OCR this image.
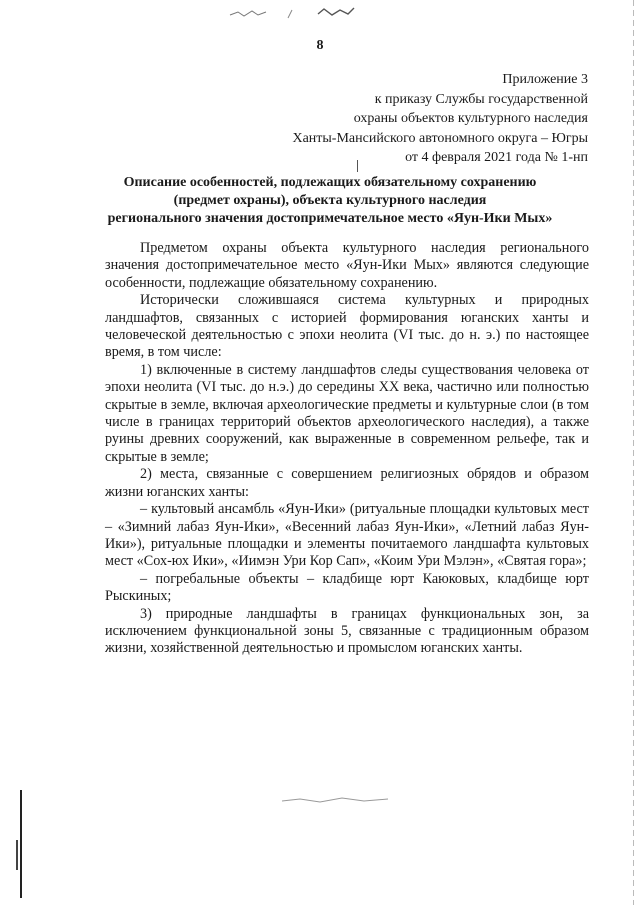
8
Приложение 3
к приказу Службы государственной
охраны объектов культурного наследия
Ханты-Мансийского автономного округа – Югры
от 4 февраля 2021 года № 1-нп
Описание особенностей, подлежащих обязательному сохранению
(предмет охраны), объекта культурного наследия
регионального значения достопримечательное место «Яун-Ики Мых»

Предметом охраны объекта культурного наследия регионального значения достопримечательное место «Яун-Ики Мых» являются следующие особенности, подлежащие обязательному сохранению.

Исторически сложившаяся система культурных и природных ландшафтов, связанных с историей формирования юганских ханты и человеческой деятельностью с эпохи неолита (VI тыс. до н. э.) по настоящее время, в том числе:

1) включенные в систему ландшафтов следы существования человека от эпохи неолита (VI тыс. до н.э.) до середины XX века, частично или полностью скрытые в земле, включая археологические предметы и культурные слои (в том числе в границах территорий объектов археологического наследия), а также руины древних сооружений, как выраженные в современном рельефе, так и скрытые в земле;

2) места, связанные с совершением религиозных обрядов и образом жизни юганских ханты:

– культовый ансамбль «Яун-Ики» (ритуальные площадки культовых мест – «Зимний лабаз Яун-Ики», «Весенний лабаз Яун-Ики», «Летний лабаз Яун-Ики»), ритуальные площадки и элементы почитаемого ландшафта культовых мест «Сох-юх Ики», «Иимэн Ури Кор Сап», «Коим Ури Мэлэн», «Святая гора»;

– погребальные объекты – кладбище юрт Каюковых, кладбище юрт Рыскиных;

3) природные ландшафты в границах функциональных зон, за исключением функциональной зоны 5, связанные с традиционным образом жизни, хозяйственной деятельностью и промыслом юганских ханты.
